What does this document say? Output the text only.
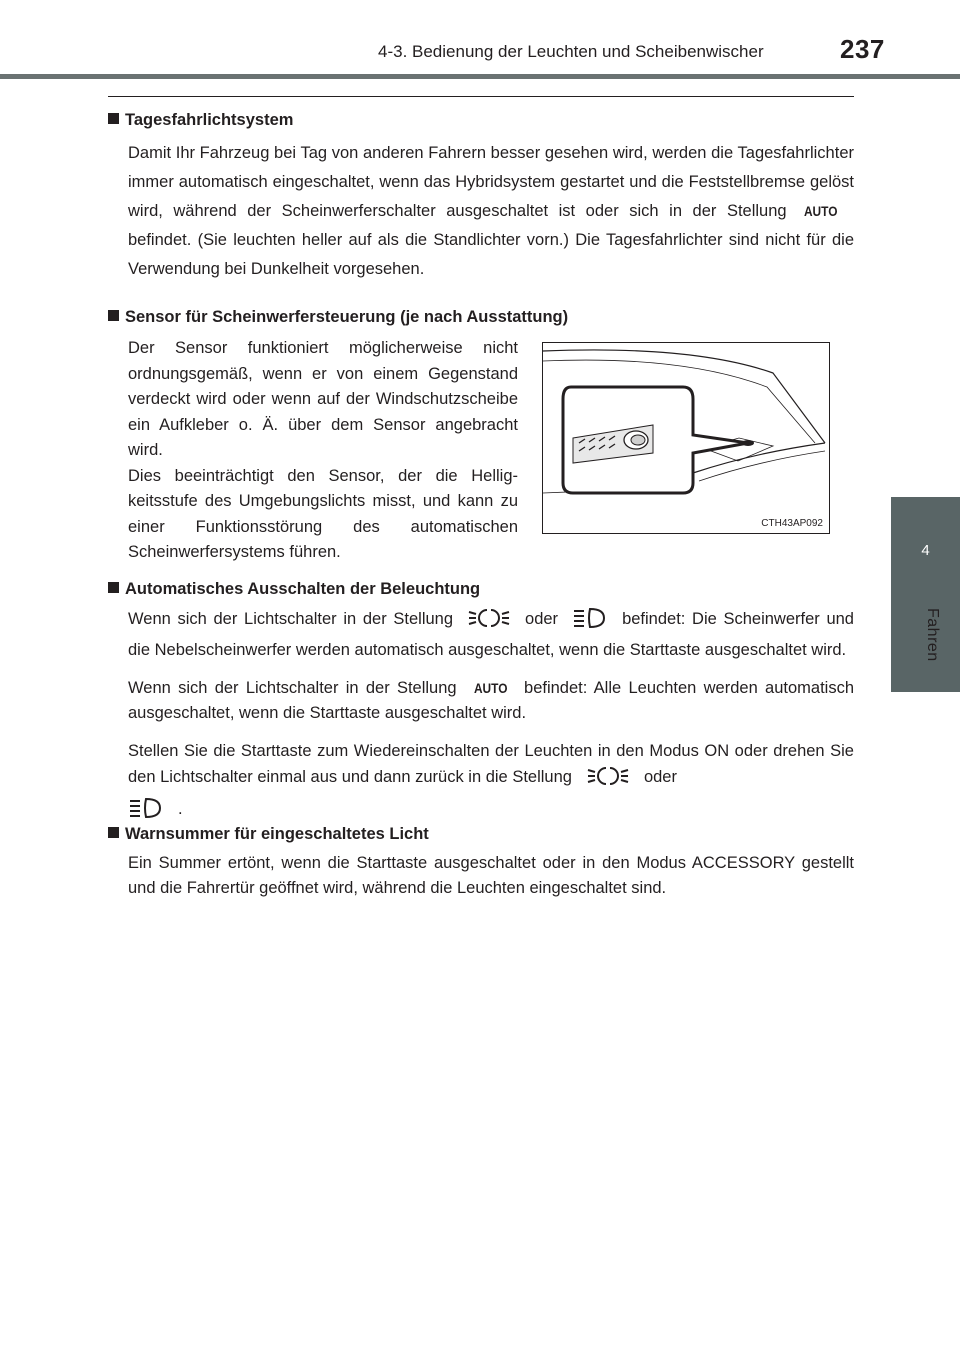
4-3. Bedienung der Leuchten und Scheibenwischer	237
4
Fahren

Tagesfahrlichtsystem

Damit Ihr Fahrzeug bei Tag von anderen Fahrern besser gesehen wird, werden die Tagesfahrlichter immer automatisch eingeschaltet, wenn das Hybridsystem gestartet und die Feststellbremse gelöst wird, während der Scheinwerferschalter ausgeschaltet ist oder sich in der Stellung AUTObefindet. (Sie leuchten heller auf als die Standlichter vorn.) Die Tagesfahrlichter sind nicht für die Verwendung bei Dunkelheit vorgesehen.

Sensor für Scheinwerfersteuerung (je nach Ausstattung)

Der Sensor funktioniert möglicherweise nicht ordnungsgemäß, wenn er von einem Gegenstand verdeckt wird oder wenn auf der Windschutzscheibe ein Aufkleber o. Ä. über dem Sensor angebracht wird.
Dies beeinträchtigt den Sensor, der die Helligkeitsstufe des Umgebungslichts misst, und kann zu einer Funktionsstörung des automatischen Scheinwerfersystems führen.

CTH43AP092

Automatisches Ausschalten der Beleuchtung

Wenn sich der Lichtschalter in der Stellung	oder	befindet: Die Scheinwerfer und die Nebelscheinwerfer werden automatisch ausgeschaltet, wenn die Starttaste ausgeschaltet wird.

Wenn sich der Lichtschalter in der Stellung AUTO befindet: Alle Leuchten werden automatisch ausgeschaltet, wenn die Starttaste ausgeschaltet wird.

Stellen Sie die Starttaste zum Wiedereinschalten der Leuchten in den Modus ON oder drehen Sie den Lichtschalter einmal aus und dann zurück in die Stellung	oder
.

Warnsummer für eingeschaltetes Licht

Ein Summer ertönt, wenn die Starttaste ausgeschaltet oder in den Modus ACCESSORY gestellt und die Fahrertür geöffnet wird, während die Leuchten eingeschaltet sind.
